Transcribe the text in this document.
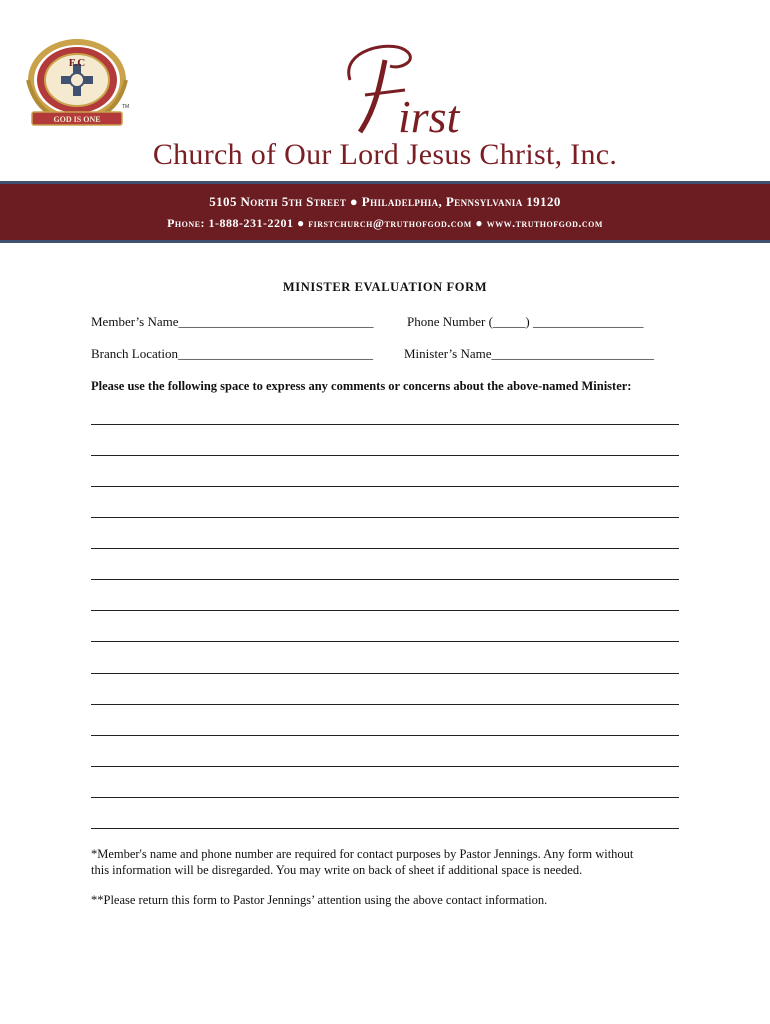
F.C
GOD IS ONE
TM	irst
Church of Our Lord Jesus Christ, Inc.
5105 North 5th Street ● Philadelphia, Pennsylvania 19120
Phone: 1-888-231-2201 ● firstchurch@truthofgod.com ● www.truthofgod.com
MINISTER EVALUATION FORM
Member’s Name______________________________	Phone Number (_____) _________________
Branch Location______________________________ Minister’s Name_________________________
Please use the following space to express any comments or concerns about the above-named Minister:
*Member's name and phone number are required for contact purposes by Pastor Jennings. Any form without
this information will be disregarded. You may write on back of sheet if additional space is needed.
**Please return this form to Pastor Jennings’ attention using the above contact information.
